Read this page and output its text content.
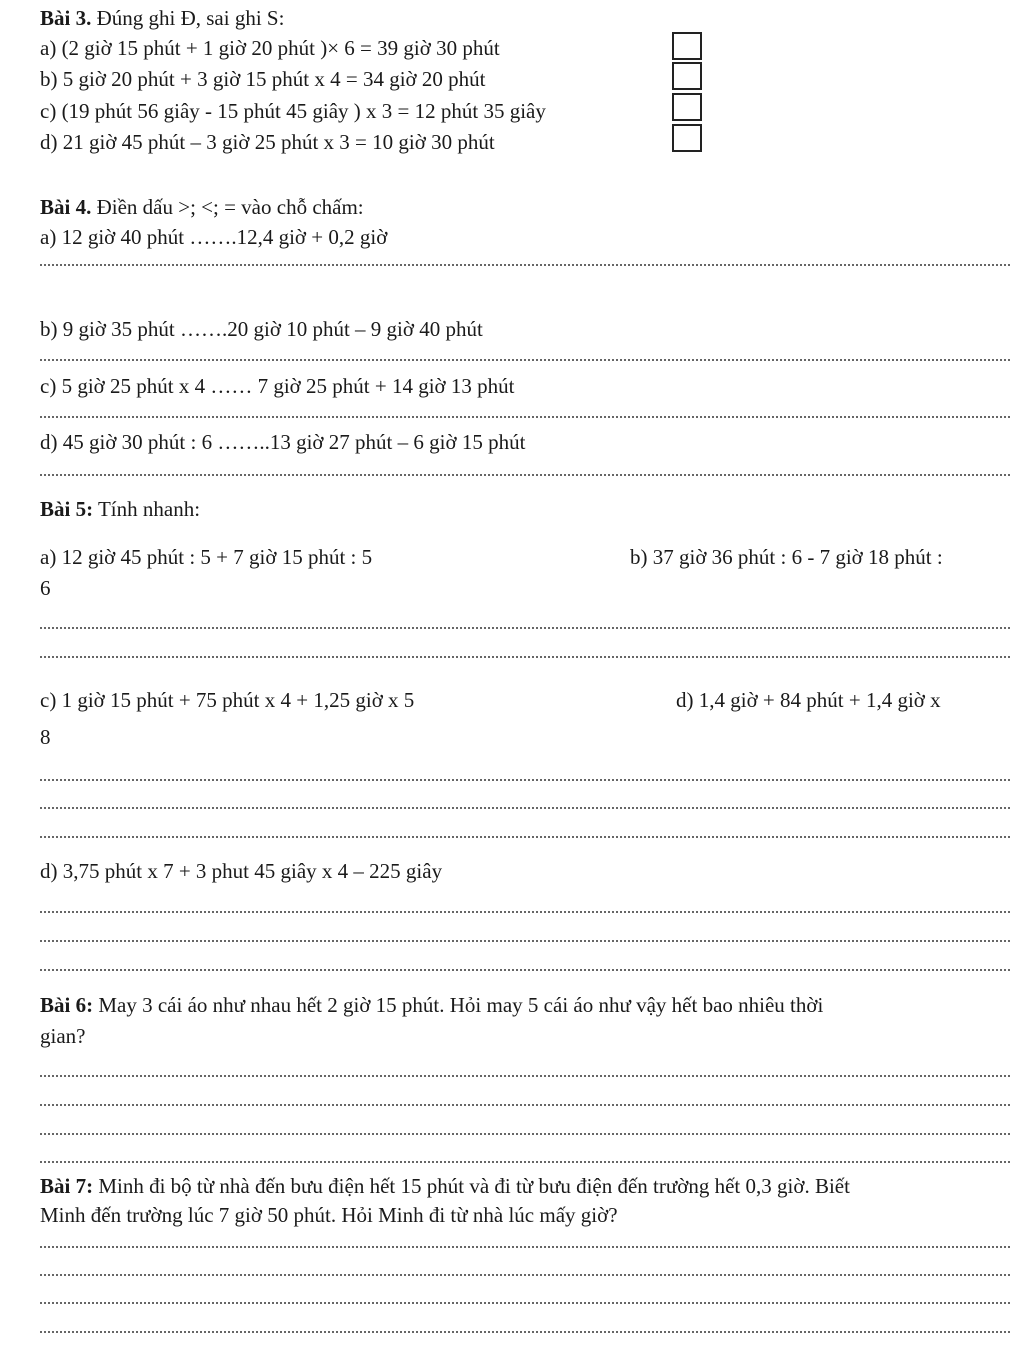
Bài 3. Đúng ghi Đ, sai ghi S:
a) (2 giờ 15 phút + 1 giờ 20 phút )× 6 = 39 giờ 30 phút
b) 5 giờ 20 phút + 3 giờ 15 phút x 4 = 34 giờ 20 phút
c) (19 phút 56 giây - 15 phút 45 giây ) x 3 = 12 phút 35 giây
d) 21 giờ 45 phút – 3 giờ 25 phút x 3 = 10 giờ 30 phút
Bài 4. Điền dấu >; <; = vào chỗ chấm:
a) 12 giờ 40 phút …….12,4 giờ + 0,2 giờ
b) 9 giờ 35 phút …….20 giờ 10 phút – 9 giờ 40 phút
c) 5 giờ 25 phút x 4 …… 7 giờ 25 phút + 14 giờ 13 phút
d) 45 giờ 30 phút : 6 ……..13 giờ 27 phút – 6 giờ 15 phút
Bài 5: Tính nhanh:
a) 12 giờ 45 phút : 5 + 7 giờ 15 phút : 5	b) 37 giờ 36 phút : 6 - 7 giờ 18 phút :
6
c) 1 giờ 15 phút + 75 phút x 4 + 1,25 giờ x 5	d) 1,4 giờ + 84 phút + 1,4 giờ x
8
d) 3,75 phút x 7 + 3 phut 45 giây x 4 – 225 giây
Bài 6: May 3 cái áo như nhau hết 2 giờ 15 phút. Hỏi may 5 cái áo như vậy hết bao nhiêu thời
gian?
Bài 7: Minh đi bộ từ nhà đến bưu điện hết 15 phút và đi từ bưu điện đến trường hết 0,3 giờ. Biết
Minh đến trường lúc 7 giờ 50 phút. Hỏi Minh đi từ nhà lúc mấy giờ?
